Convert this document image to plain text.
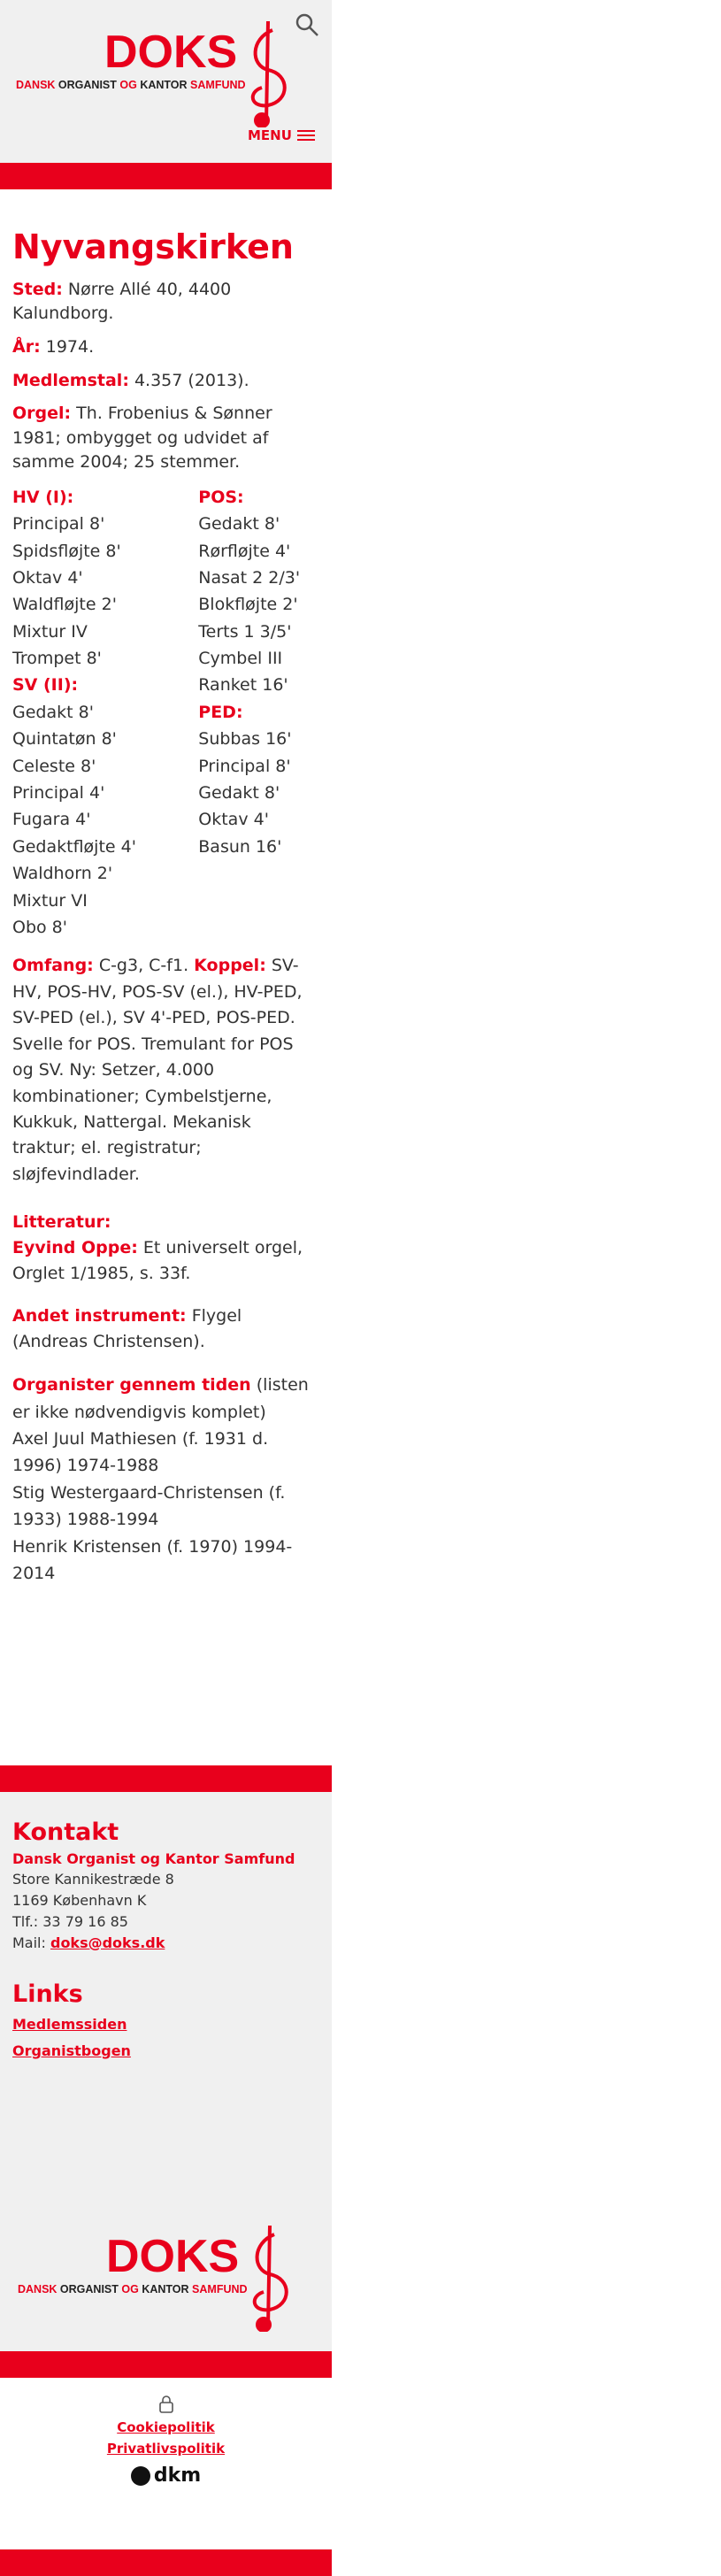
DOKS
DANSK ORGANIST OG KANTOR SAMFUND
MENU
Nyvangskirken

Sted: Nørre Allé 40, 4400 Kalundborg.

År: 1974.

Medlemstal: 4.357 (2013).

Orgel: Th. Frobenius & Sønner 1981; ombygget og udvidet af samme 2004; 25 stemmer.

HV (I):
Principal 8'
Spidsfløjte 8'
Oktav 4'
Waldfløjte 2'
Mixtur IV
Trompet 8'
SV (II):
Gedakt 8'
Quintatøn 8'
Celeste 8'
Principal 4'
Fugara 4'
Gedaktfløjte 4'
Waldhorn 2'
Mixtur VI
Obo 8'
POS:
Gedakt 8'
Rørfløjte 4'
Nasat 2 2/3'
Blokfløjte 2'
Terts 1 3/5'
Cymbel III
Ranket 16'
PED:
Subbas 16'
Principal 8'
Gedakt 8'
Oktav 4'
Basun 16'

Omfang: C-g3, C-f1. Koppel: SV-HV, POS-HV, POS-SV (el.), HV-PED, SV-PED (el.), SV 4'-PED, POS-PED. Svelle for POS. Tremulant for POS og SV. Ny: Setzer, 4.000 kombinationer; Cymbelstjerne, Kukkuk, Nattergal. Mekanisk traktur; el. registratur; sløjfevindlader.

Litteratur:

Eyvind Oppe: Et universelt orgel, Orglet 1/1985, s. 33f.

Andet instrument: Flygel (Andreas Christensen).

Organister gennem tiden (listen er ikke nødvendigvis komplet)
Axel Juul Mathiesen (f. 1931 d. 1996) 1974-1988
Stig Westergaard-Christensen (f. 1933) 1988-1994
Henrik Kristensen (f. 1970) 1994-2014
Kontakt
Dansk Organist og Kantor Samfund
Store Kannikestræde 8
1169 København K
Tlf.: 33 79 16 85
Mail: doks@doks.dk
Links
Medlemssiden
Organistbogen
DOKS
DANSK ORGANIST OG KANTOR SAMFUND
Cookiepolitik
Privatlivspolitik
dkm
